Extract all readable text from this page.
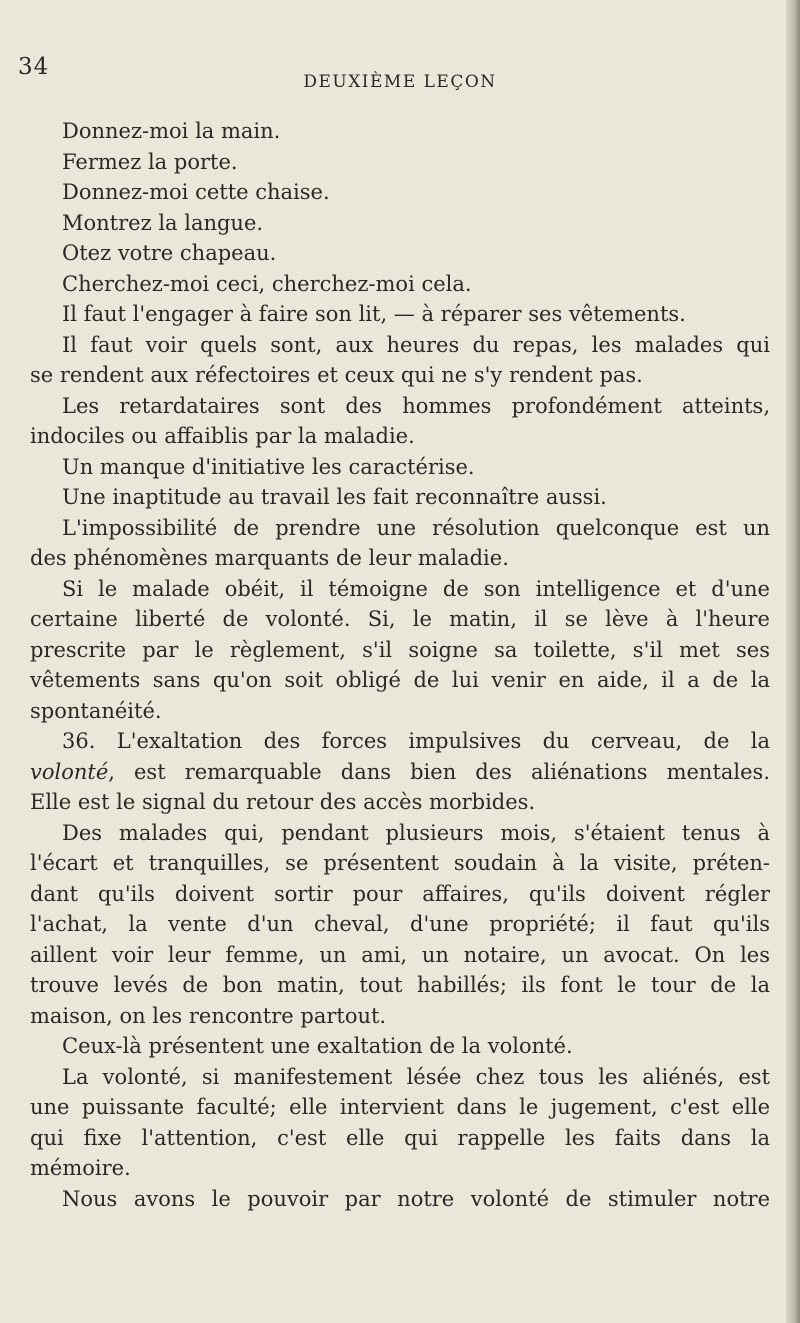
34
DEUXIÈME LEÇON
Donnez-moi la main.
Fermez la porte.
Donnez-moi cette chaise.
Montrez la langue.
Otez votre chapeau.
Cherchez-moi ceci, cherchez-moi cela.
Il faut l'engager à faire son lit, — à réparer ses vêtements.
Il faut voir quels sont, aux heures du repas, les malades qui
se rendent aux réfectoires et ceux qui ne s'y rendent pas.
Les retardataires sont des hommes profondément atteints,
indociles ou affaiblis par la maladie.
Un manque d'initiative les caractérise.
Une inaptitude au travail les fait reconnaître aussi.
L'impossibilité de prendre une résolution quelconque est un
des phénomènes marquants de leur maladie.
Si le malade obéit, il témoigne de son intelligence et d'une
certaine liberté de volonté. Si, le matin, il se lève à l'heure
prescrite par le règlement, s'il soigne sa toilette, s'il met ses
vêtements sans qu'on soit obligé de lui venir en aide, il a de la
spontanéité.
36. L'exaltation des forces impulsives du cerveau, de la
volonté, est remarquable dans bien des aliénations mentales.
Elle est le signal du retour des accès morbides.
Des malades qui, pendant plusieurs mois, s'étaient tenus à
l'écart et tranquilles, se présentent soudain à la visite, préten-
dant qu'ils doivent sortir pour affaires, qu'ils doivent régler
l'achat, la vente d'un cheval, d'une propriété; il faut qu'ils
aillent voir leur femme, un ami, un notaire, un avocat. On les
trouve levés de bon matin, tout habillés; ils font le tour de la
maison, on les rencontre partout.
Ceux-là présentent une exaltation de la volonté.
La volonté, si manifestement lésée chez tous les aliénés, est
une puissante faculté; elle intervient dans le jugement, c'est elle
qui fixe l'attention, c'est elle qui rappelle les faits dans la
mémoire.
Nous avons le pouvoir par notre volonté de stimuler notre
